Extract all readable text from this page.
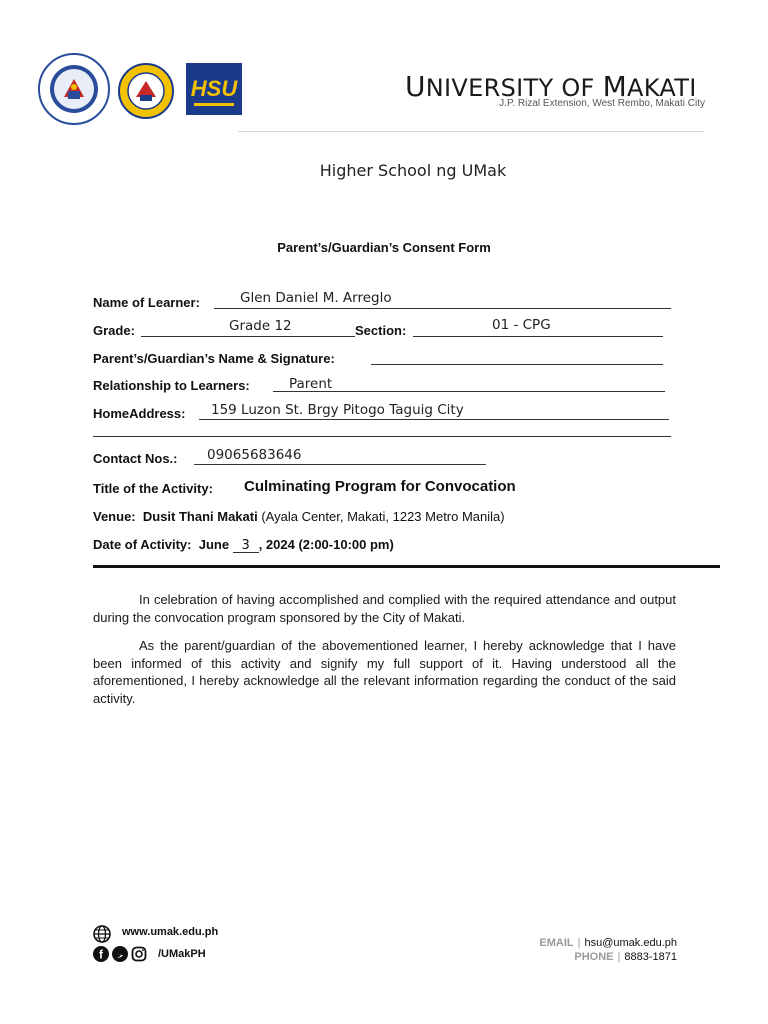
HSU	UNIVERSITY OF MAKATI
J.P. Rizal Extension, West Rembo, Makati City
Higher School ng UMak
Parent’s/Guardian’s Consent Form
Name of Learner:	Glen Daniel M. Arreglo
Grade:	Grade 12	Section:	01 - CPG
Parent’s/Guardian’s Name & Signature:
Relationship to Learners:	Parent
HomeAddress: 159 Luzon St. Brgy Pitogo Taguig City
Contact Nos.: 09065683646
Title of the Activity: Culminating Program for Convocation
Venue: Dusit Thani Makati (Ayala Center, Makati, 1223 Metro Manila)
Date of Activity: June 3 , 2024 (2:00-10:00 pm)
In celebration of having accomplished and complied with the required attendance and output during the convocation program sponsored by the City of Makati.
As the parent/guardian of the abovementioned learner, I hereby acknowledge that I have been informed of this activity and signify my full support of it. Having understood all the aforementioned, I hereby acknowledge all the relevant information regarding the conduct of the said activity.
www.umak.edu.ph
f	/UMakPH
EMAIL | hsu@umak.edu.ph
PHONE | 8883-1871
